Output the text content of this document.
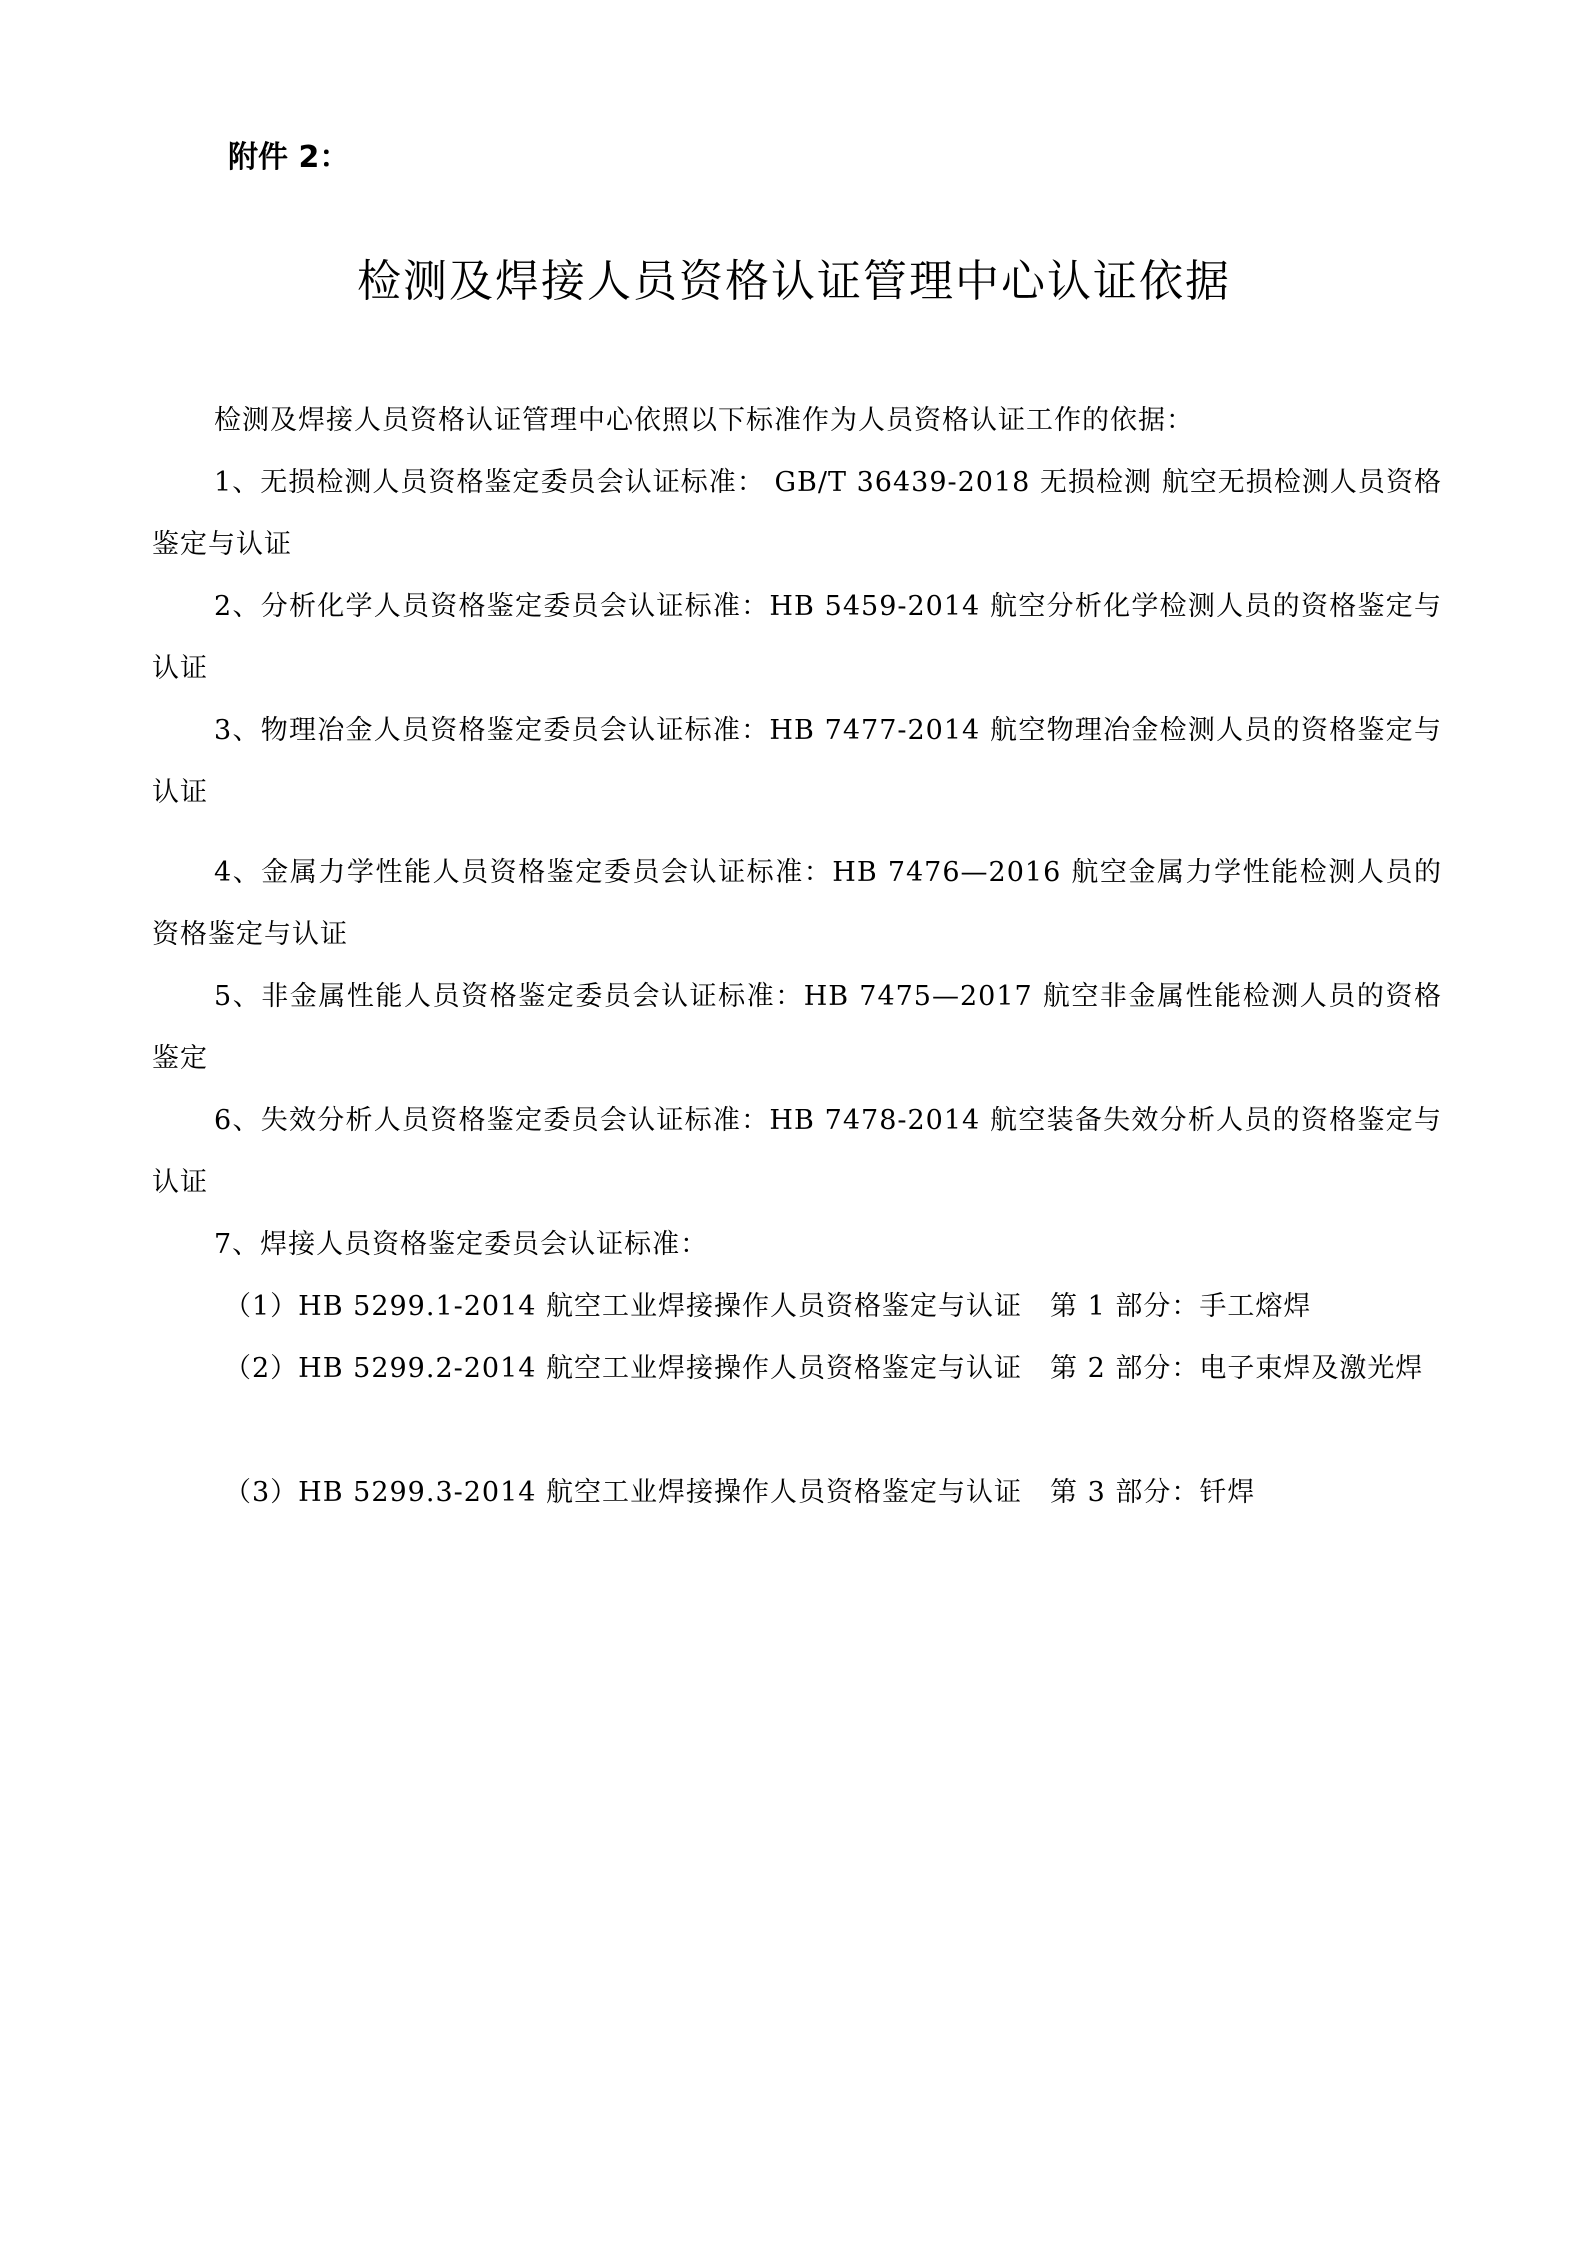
附件 2：
检测及焊接人员资格认证管理中心认证依据

检测及焊接人员资格认证管理中心依照以下标准作为人员资格认证工作的依据：

1、无损检测人员资格鉴定委员会认证标准： GB/T 36439-2018 无损检测 航空无损检测人员资格鉴定与认证

2、分析化学人员资格鉴定委员会认证标准：HB 5459-2014 航空分析化学检测人员的资格鉴定与认证

3、物理冶金人员资格鉴定委员会认证标准：HB 7477-2014 航空物理冶金检测人员的资格鉴定与认证

4、金属力学性能人员资格鉴定委员会认证标准：HB 7476—2016 航空金属力学性能检测人员的资格鉴定与认证

5、非金属性能人员资格鉴定委员会认证标准：HB 7475—2017 航空非金属性能检测人员的资格鉴定

6、失效分析人员资格鉴定委员会认证标准：HB 7478-2014 航空装备失效分析人员的资格鉴定与认证

7、焊接人员资格鉴定委员会认证标准：

（1）HB 5299.1-2014 航空工业焊接操作人员资格鉴定与认证　第 1 部分：手工熔焊

（2）HB 5299.2-2014 航空工业焊接操作人员资格鉴定与认证　第 2 部分：电子束焊及激光焊

（3）HB 5299.3-2014 航空工业焊接操作人员资格鉴定与认证　第 3 部分：钎焊
